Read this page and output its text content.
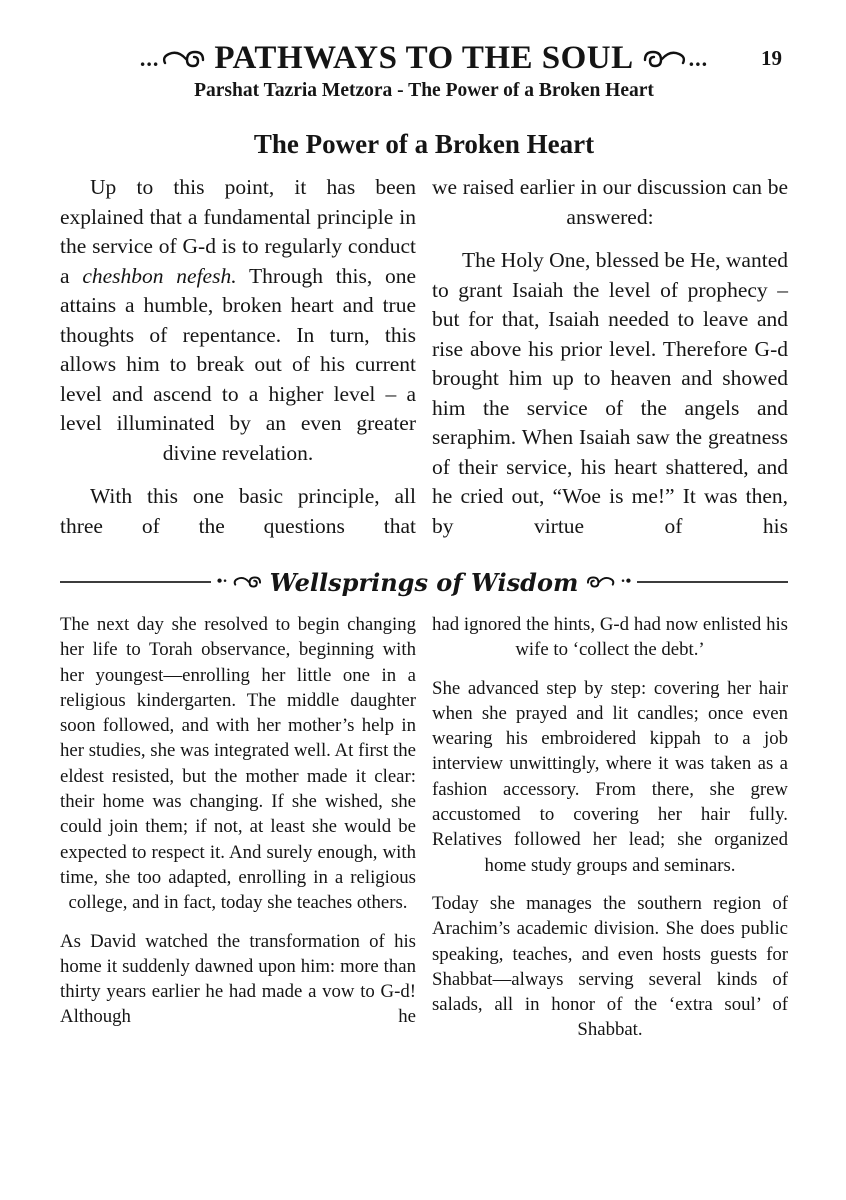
... PATHWAYS TO THE SOUL	...	19
Parshat Tazria Metzora - The Power of a Broken Heart
The Power of a Broken Heart

Up to this point, it has been explained that a fundamental principle in the service of G-d is to regularly conduct a cheshbon nefesh. Through this, one attains a humble, broken heart and true thoughts of repentance. In turn, this allows him to break out of his current level and ascend to a higher level – a level illuminated by an even greater divine revelation.

With this one basic principle, all three of the questions that

we raised earlier in our discussion can be answered:

The Holy One, blessed be He, wanted to grant Isaiah the level of prophecy – but for that, Isaiah needed to leave and rise above his prior level. Therefore G-d brought him up to heaven and showed him the service of the angels and seraphim. When Isaiah saw the greatness of their service, his heart shattered, and he cried out, “Woe is me!” It was then, by virtue of his

•· Wellsprings of Wisdom	·•

The next day she resolved to begin changing her life to Torah observance, beginning with her youngest—enrolling her little one in a religious kindergarten. The middle daughter soon followed, and with her mother’s help in her studies, she was integrated well. At first the eldest resisted, but the mother made it clear: their home was changing. If she wished, she could join them; if not, at least she would be expected to respect it. And surely enough, with time, she too adapted, enrolling in a religious college, and in fact, today she teaches others.

As David watched the transformation of his home it suddenly dawned upon him: more than thirty years earlier he had made a vow to G-d! Although he

had ignored the hints, G-d had now enlisted his wife to ‘collect the debt.’

She advanced step by step: covering her hair when she prayed and lit candles; once even wearing his embroidered kippah to a job interview unwittingly, where it was taken as a fashion accessory. From there, she grew accustomed to covering her hair fully. Relatives followed her lead; she organized home study groups and seminars.

Today she manages the southern region of Arachim’s academic division. She does public speaking, teaches, and even hosts guests for Shabbat—always serving several kinds of salads, all in honor of the ‘extra soul’ of Shabbat.
